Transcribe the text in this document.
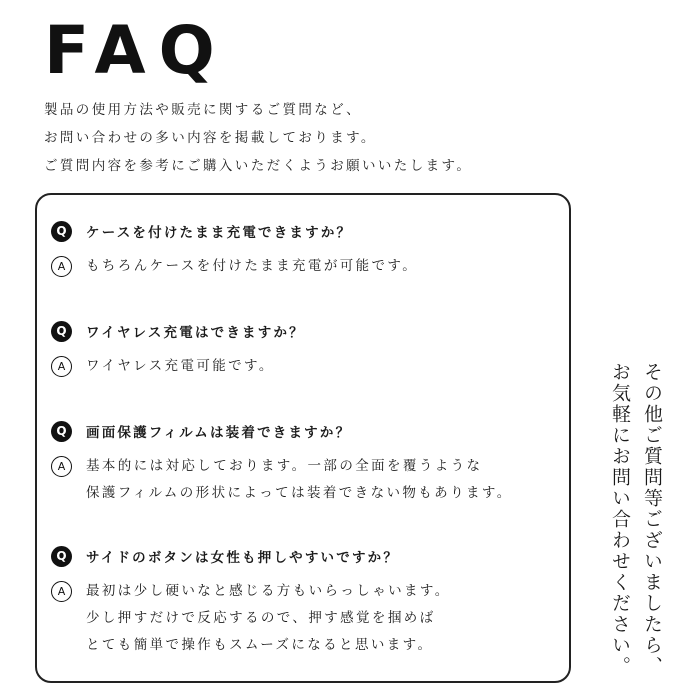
FAQ
製品の使用方法や販売に関するご質問など、
お問い合わせの多い内容を掲載しております。
ご質問内容を参考にご購入いただくようお願いいたします。
Q	ケースを付けたまま充電できますか？
A	もちろんケースを付けたまま充電が可能です。
Q	ワイヤレス充電はできますか？
A	ワイヤレス充電可能です。
Q	画面保護フィルムは装着できますか？
A	基本的には対応しております。一部の全面を覆うような
保護フィルムの形状によっては装着できない物もあります。
Q	サイドのボタンは女性も押しやすいですか？
A	最初は少し硬いなと感じる方もいらっしゃいます。
少し押すだけで反応するので、押す感覚を掴めば
とても簡単で操作もスムーズになると思います。	その他ご質問等ございましたら、
お気軽にお問い合わせください。
